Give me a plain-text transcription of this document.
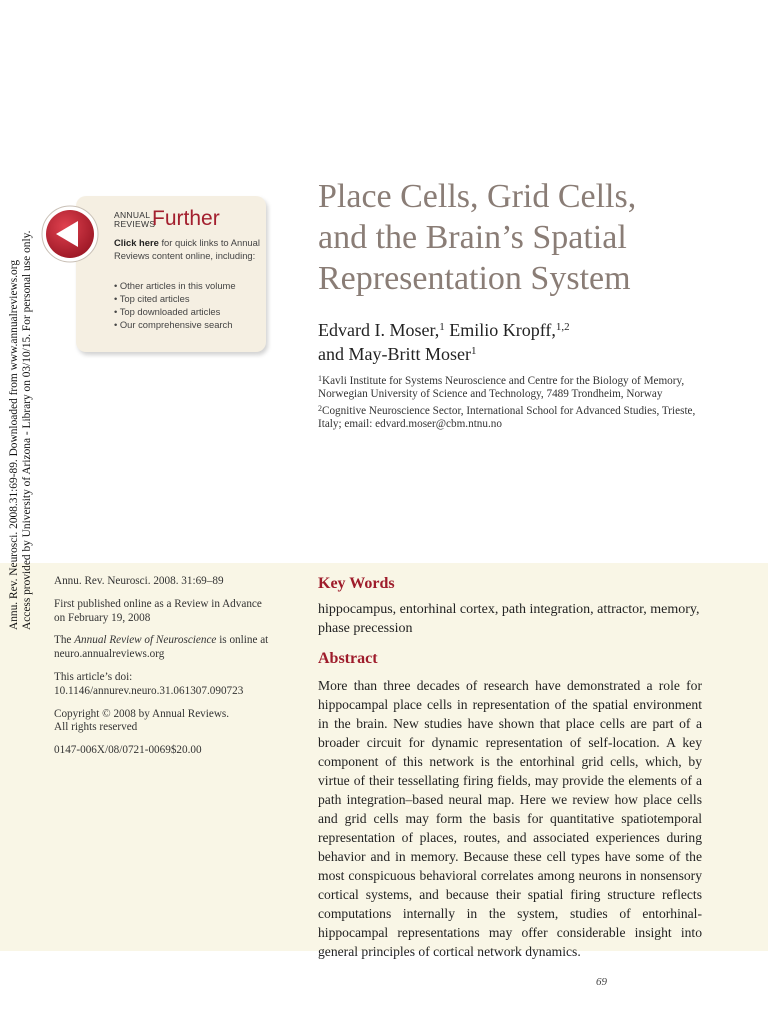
Annu. Rev. Neurosci. 2008.31:69-89. Downloaded from www.annualreviews.org Access provided by University of Arizona - Library on 03/10/15. For personal use only.
ANNUAL
REVIEWS
Further
Click here for quick links to Annual Reviews content online, including:
• Other articles in this volume
• Top cited articles
• Top downloaded articles
• Our comprehensive search
Place Cells, Grid Cells,
and the Brain’s Spatial
Representation System
Edvard I. Moser,$^1$ Emilio Kropff,$^{1,2}$
and May-Britt Moser$^1$

$^1$Kavli Institute for Systems Neuroscience and Centre for the Biology of Memory, Norwegian University of Science and Technology, 7489 Trondheim, Norway

$^2$Cognitive Neuroscience Sector, International School for Advanced Studies, Trieste, Italy; email: edvard.moser@cbm.ntnu.no

Annu. Rev. Neurosci. 2008. 31:69–89

First published online as a Review in Advance on February 19, 2008

The Annual Review of Neuroscience is online at neuro.annualreviews.org

This article’s doi:
10.1146/annurev.neuro.31.061307.090723

Copyright © 2008 by Annual Reviews.
All rights reserved

0147-006X/08/0721-0069$20.00

Key Words

hippocampus, entorhinal cortex, path integration, attractor, memory, phase precession

Abstract

More than three decades of research have demonstrated a role for hippocampal place cells in representation of the spatial environment in the brain. New studies have shown that place cells are part of a broader circuit for dynamic representation of self-location. A key component of this network is the entorhinal grid cells, which, by virtue of their tessellating firing fields, may provide the elements of a path integration–based neural map. Here we review how place cells and grid cells may form the basis for quantitative spatiotemporal representation of places, routes, and associated experiences during behavior and in memory. Because these cell types have some of the most conspicuous behavioral correlates among neurons in nonsensory cortical systems, and because their spatial firing structure reflects computations internally in the system, studies of entorhinal-hippocampal representations may offer considerable insight into general principles of cortical network dynamics.

69
